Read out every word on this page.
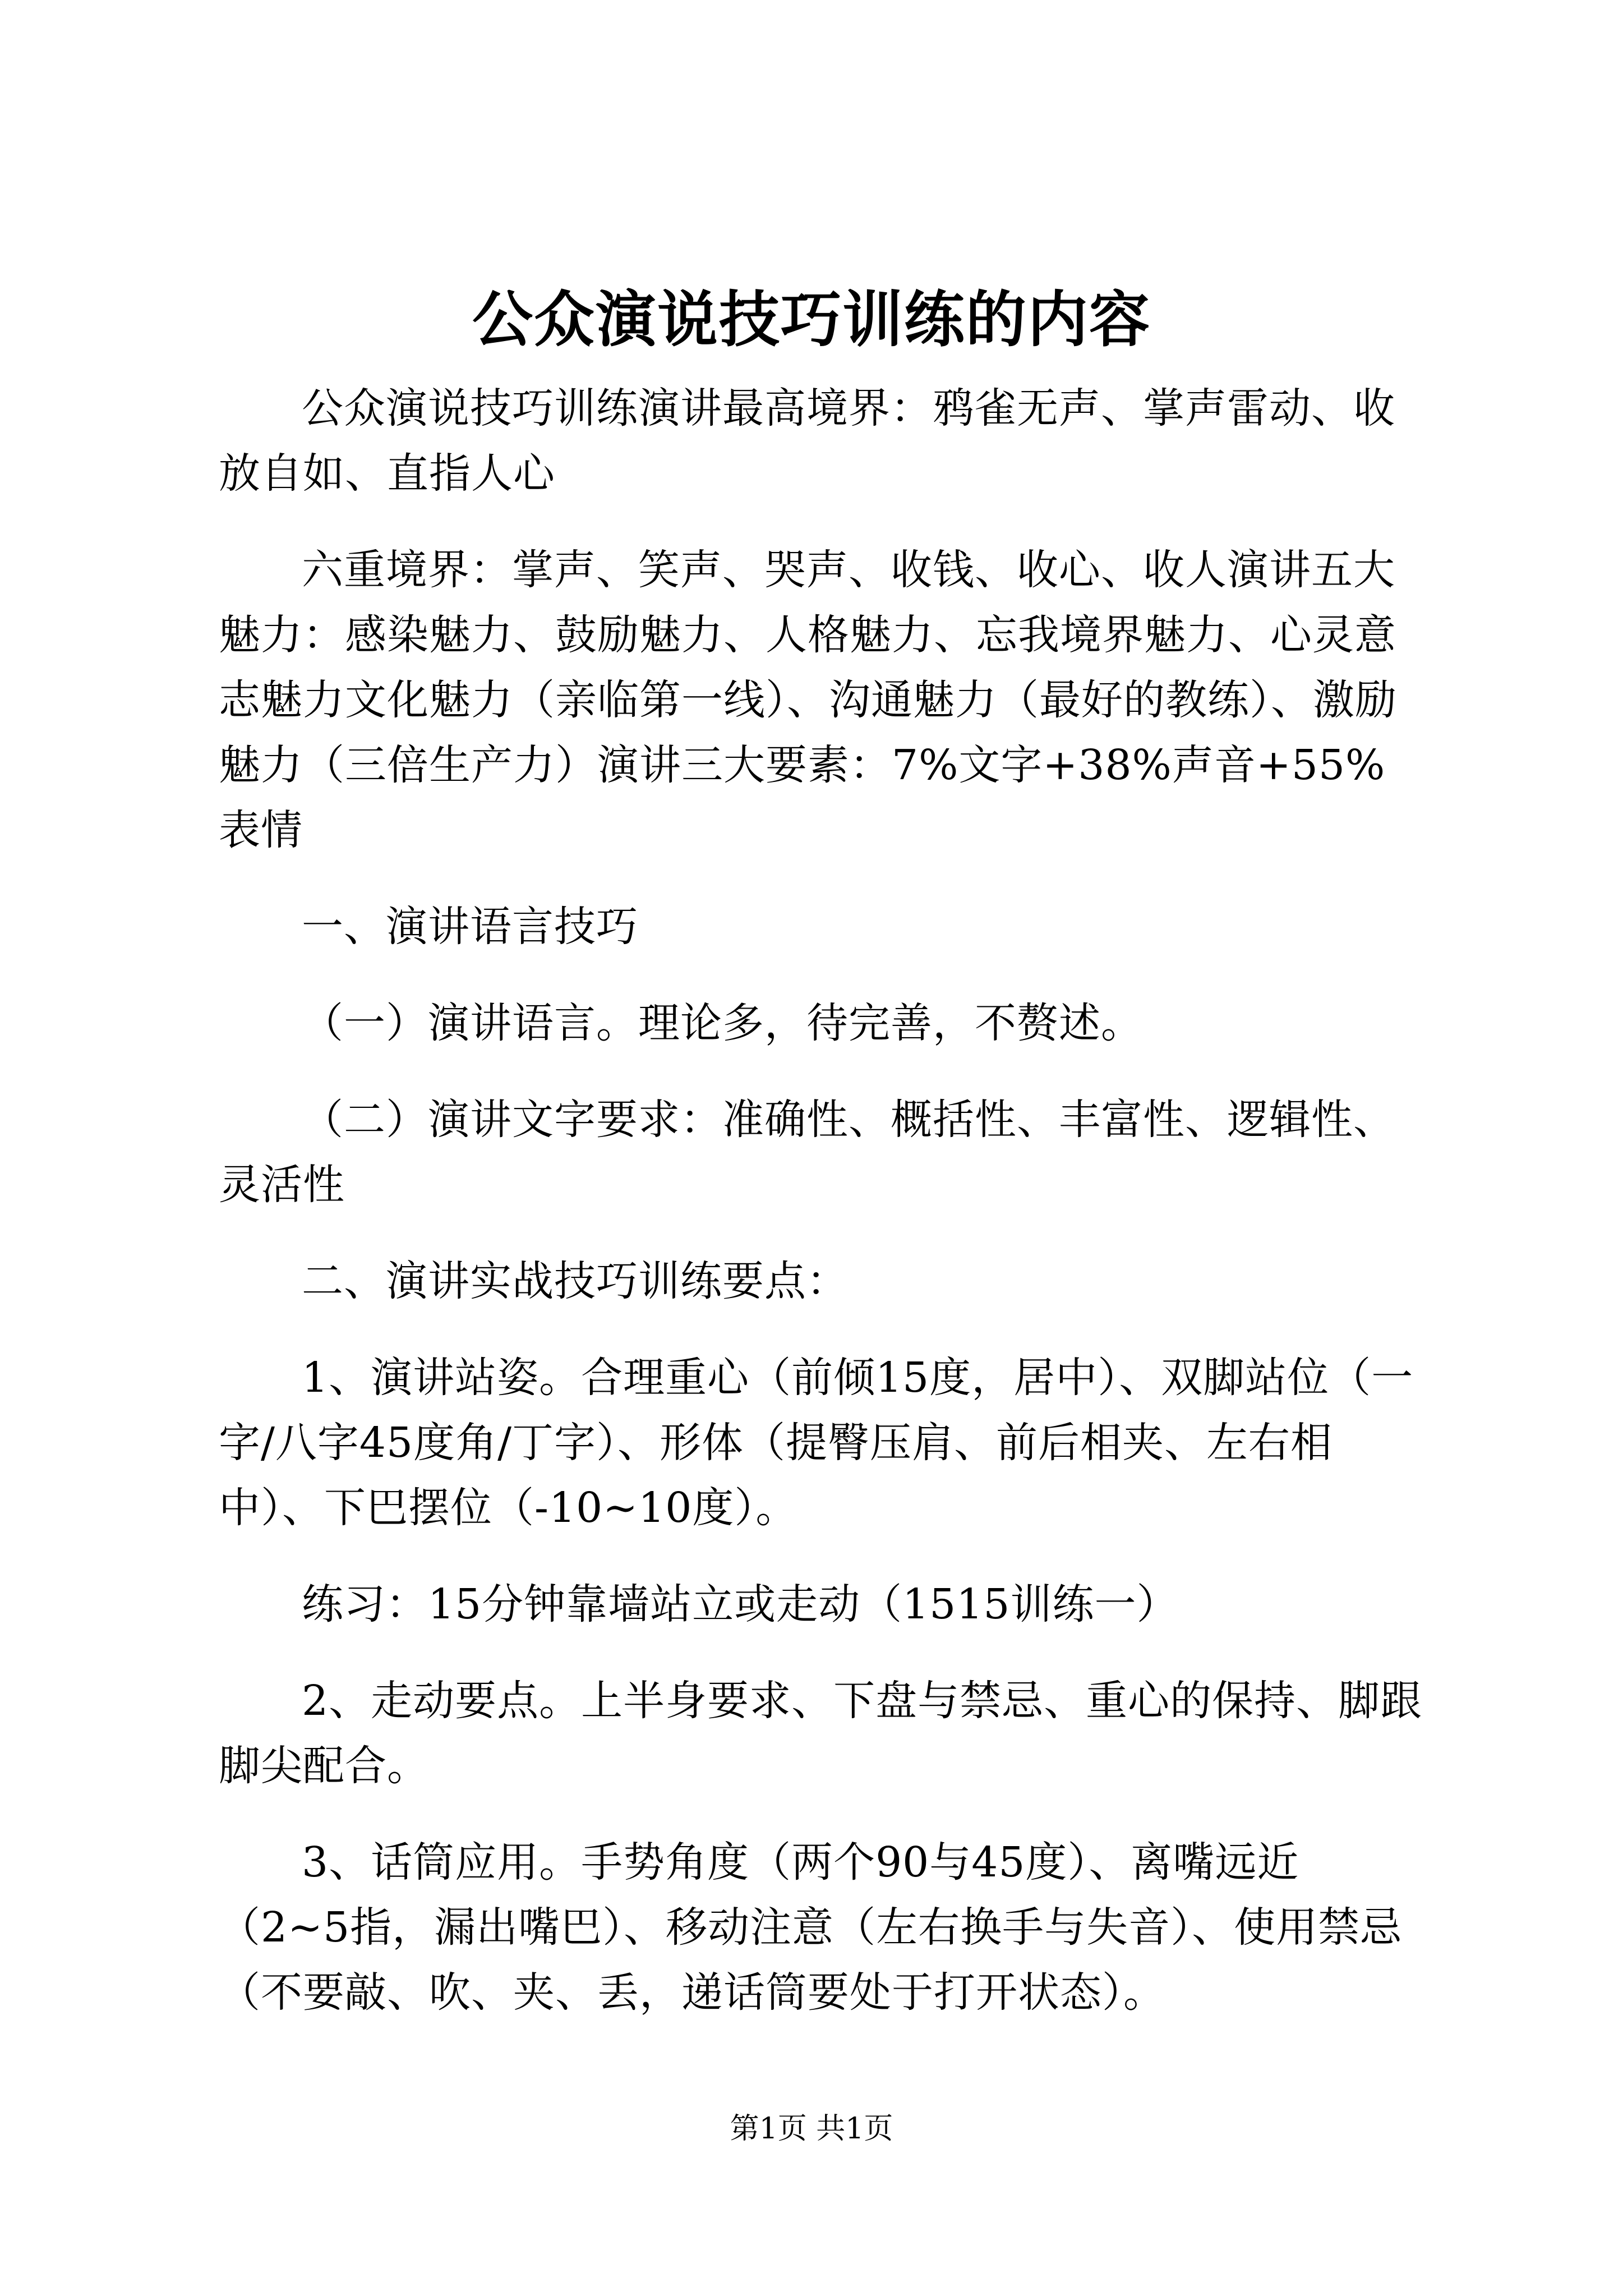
公众演说技巧训练的内容

公众演说技巧训练演讲最高境界：鸦雀无声、掌声雷动、收放自如、直指人心

六重境界：掌声、笑声、哭声、收钱、收心、收人演讲五大魅力：感染魅力、鼓励魅力、人格魅力、忘我境界魅力、心灵意志魅力文化魅力（亲临第一线）、沟通魅力（最好的教练）、激励魅力（三倍生产力）演讲三大要素：7%文字+38%声音+55%表情

一、演讲语言技巧

（一）演讲语言。理论多，待完善，不赘述。

（二）演讲文字要求：准确性、概括性、丰富性、逻辑性、灵活性

二、演讲实战技巧训练要点：

1、演讲站姿。合理重心（前倾15度，居中）、双脚站位（一字/八字45度角/丁字）、形体（提臀压肩、前后相夹、左右相中）、下巴摆位（-10~10度）。

练习：15分钟靠墙站立或走动（1515训练一）

2、走动要点。上半身要求、下盘与禁忌、重心的保持、脚跟脚尖配合。

3、话筒应用。手势角度（两个90与45度）、离嘴远近（2~5指，漏出嘴巴）、移动注意（左右换手与失音）、使用禁忌（不要敲、吹、夹、丢，递话筒要处于打开状态）。

第1页 共1页
